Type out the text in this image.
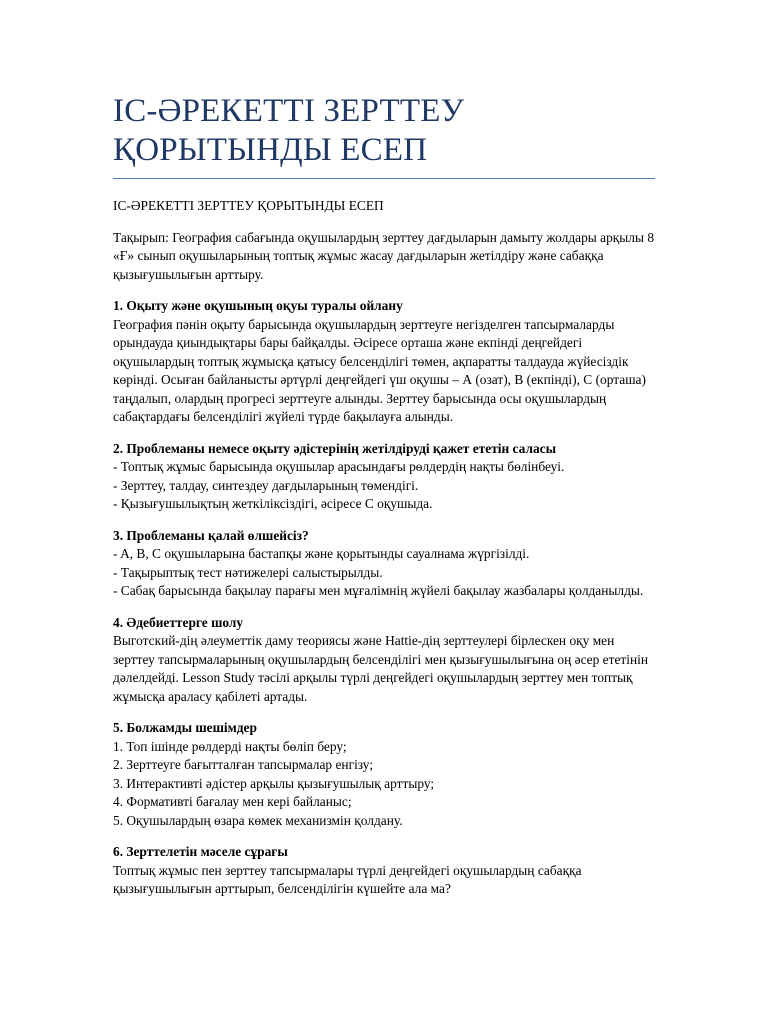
ІС-ӘРЕКЕТТІ ЗЕРТТЕУ
ҚОРЫТЫНДЫ ЕСЕП

ІС-ӘРЕКЕТТІ ЗЕРТТЕУ ҚОРЫТЫНДЫ ЕСЕП

Тақырып: География сабағында оқушылардың зерттеу дағдыларын дамыту жолдары арқылы 8 «Ғ» сынып оқушыларының топтық жұмыс жасау дағдыларын жетілдіру және сабаққа қызығушылығын арттыру.

1. Оқыту және оқушының оқуы туралы ойлану

География пәнін оқыту барысында оқушылардың зерттеуге негізделген тапсырмаларды орындауда қиындықтары бары байқалды. Әсіресе орташа және екпінді деңгейдегі оқушылардың топтық жұмысқа қатысу белсенділігі төмен, ақпаратты талдауда жүйесіздік көрінді. Осыған байланысты әртүрлі деңгейдегі үш оқушы – А (озат), В (екпінді), С (орташа) таңдалып, олардың прогресі зерттеуге алынды. Зерттеу барысында осы оқушылардың сабақтардағы белсенділігі жүйелі түрде бақылауға алынды.

2. Проблеманы немесе оқыту әдістерінің жетілдіруді қажет ететін саласы

- Топтық жұмыс барысында оқушылар арасындағы рөлдердің нақты бөлінбеуі.

- Зерттеу, талдау, синтездеу дағдыларының төмендігі.

- Қызығушылықтың жеткіліксіздігі, әсіресе С оқушыда.

3. Проблеманы қалай өлшейсіз?

- A, B, C оқушыларына бастапқы және қорытынды сауалнама жүргізілді.

- Тақырыптық тест нәтижелері салыстырылды.

- Сабақ барысында бақылау парағы мен мұғалімнің жүйелі бақылау жазбалары қолданылды.

4. Әдебиеттерге шолу

Выготский-дің әлеуметтік даму теориясы және Hattie-дің зерттеулері бірлескен оқу мен зерттеу тапсырмаларының оқушылардың белсенділігі мен қызығушылығына оң әсер ететінін дәлелдейді. Lesson Study тәсілі арқылы түрлі деңгейдегі оқушылардың зерттеу мен топтық жұмысқа араласу қабілеті артады.

5. Болжамды шешімдер

1. Топ ішінде рөлдерді нақты бөліп беру;

2. Зерттеуге бағытталған тапсырмалар енгізу;

3. Интерактивті әдістер арқылы қызығушылық арттыру;

4. Формативті бағалау мен кері байланыс;

5. Оқушылардың өзара көмек механизмін қолдану.

6. Зерттелетін мәселе сұрағы

Топтық жұмыс пен зерттеу тапсырмалары түрлі деңгейдегі оқушылардың сабаққа қызығушылығын арттырып, белсенділігін күшейте ала ма?
